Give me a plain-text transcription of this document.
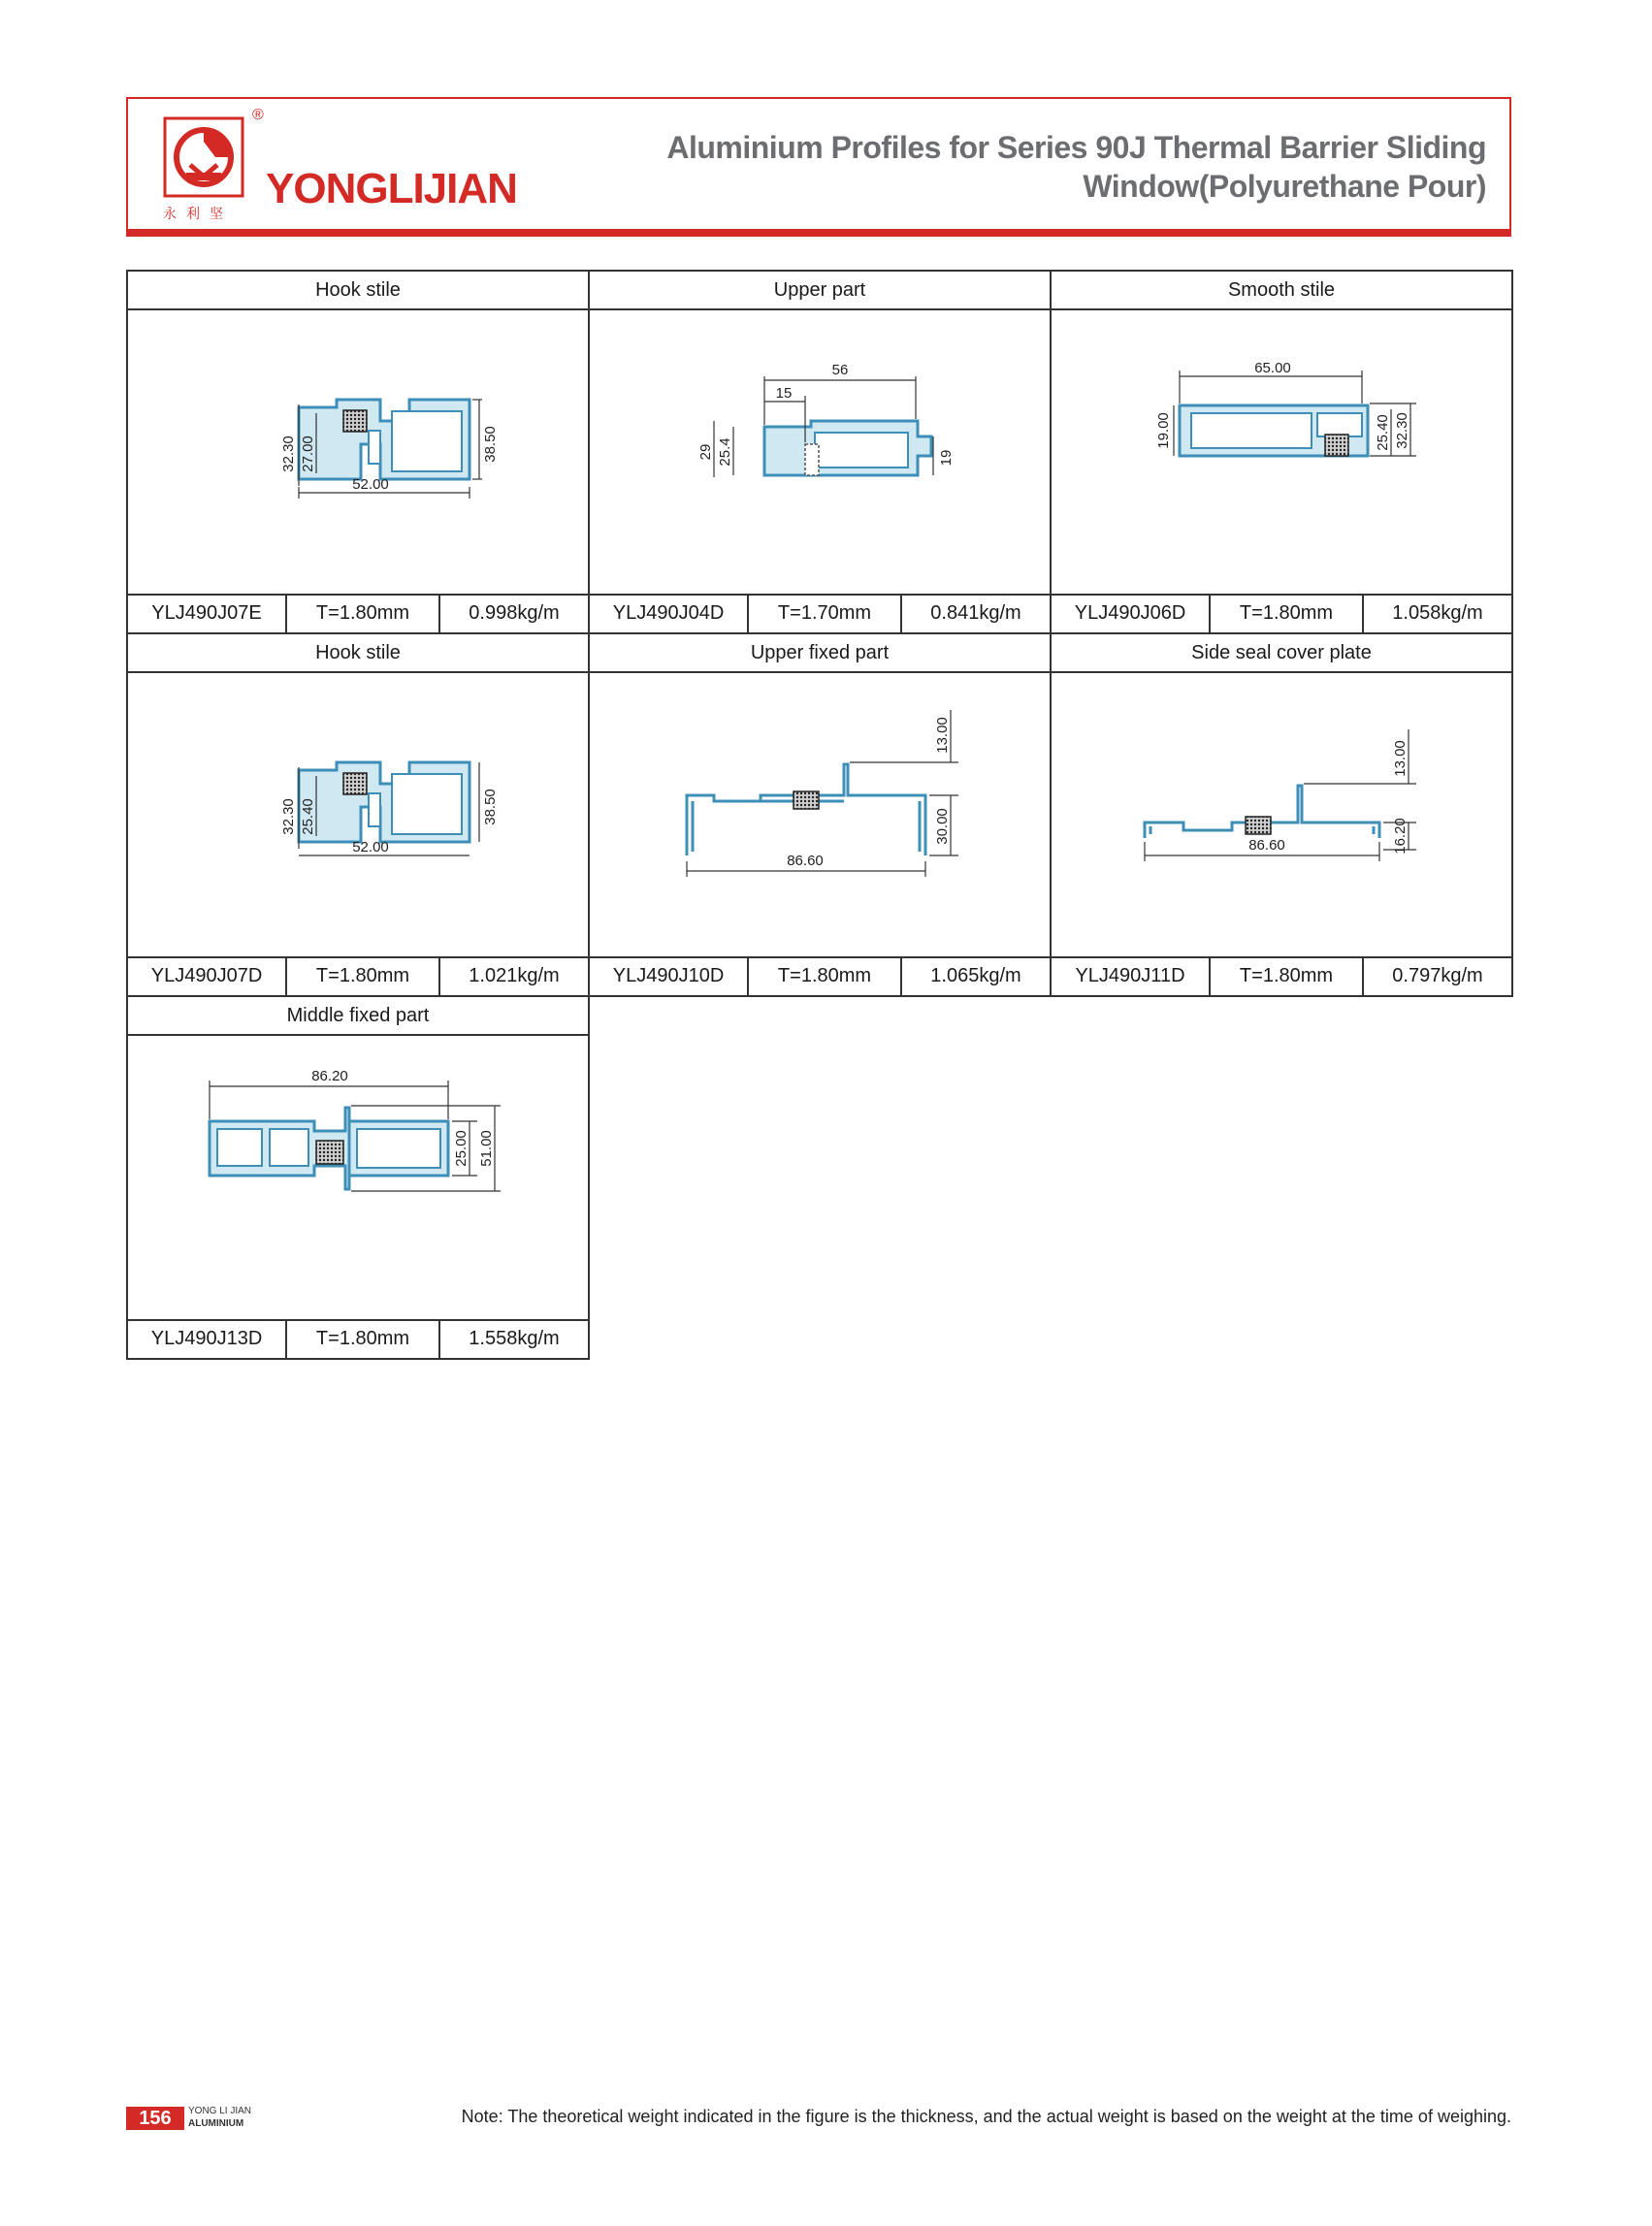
®
永利坚
YONGLIJIAN
Aluminium Profiles for Series 90J Thermal Barrier Sliding
Window(Polyurethane Pour)
Hook stile
32.30 27.00	38.50
52.00
YLJ490J07E	T=1.80mm	0.998kg/m
Upper part
56
15
29 25.4	19
YLJ490J04D	T=1.70mm	0.841kg/m
Smooth stile
65.00
19.00	25.40 32.30
YLJ490J06D	T=1.80mm	1.058kg/m
Hook stile
32.30 25.40	38.50
52.00
YLJ490J07D	T=1.80mm	1.021kg/m
Upper fixed part
13.00
30.00
86.60
YLJ490J10D	T=1.80mm	1.065kg/m
Side seal cover plate
13.00
16.20
86.60
YLJ490J11D	T=1.80mm	0.797kg/m
Middle fixed part
86.20
25.00 51.00
YLJ490J13D	T=1.80mm	1.558kg/m
156	YONG LI JIAN
ALUMINIUM	Note: The theoretical weight indicated in the figure is the thickness, and the actual weight is based on the weight at the time of weighing.
